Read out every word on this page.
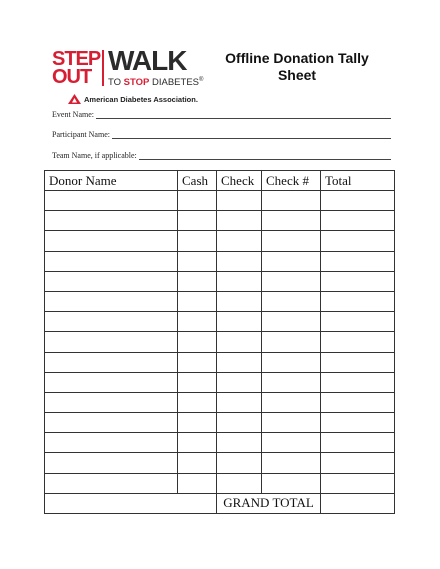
STEP
OUT
WALK
TO STOP DIABETES®
American Diabetes Association.
Offline Donation Tally
Sheet
Event Name:
Participant Name:
Team Name, if applicable:
Donor Name	Cash	Check	Check #	Total

		GRAND TOTAL		
